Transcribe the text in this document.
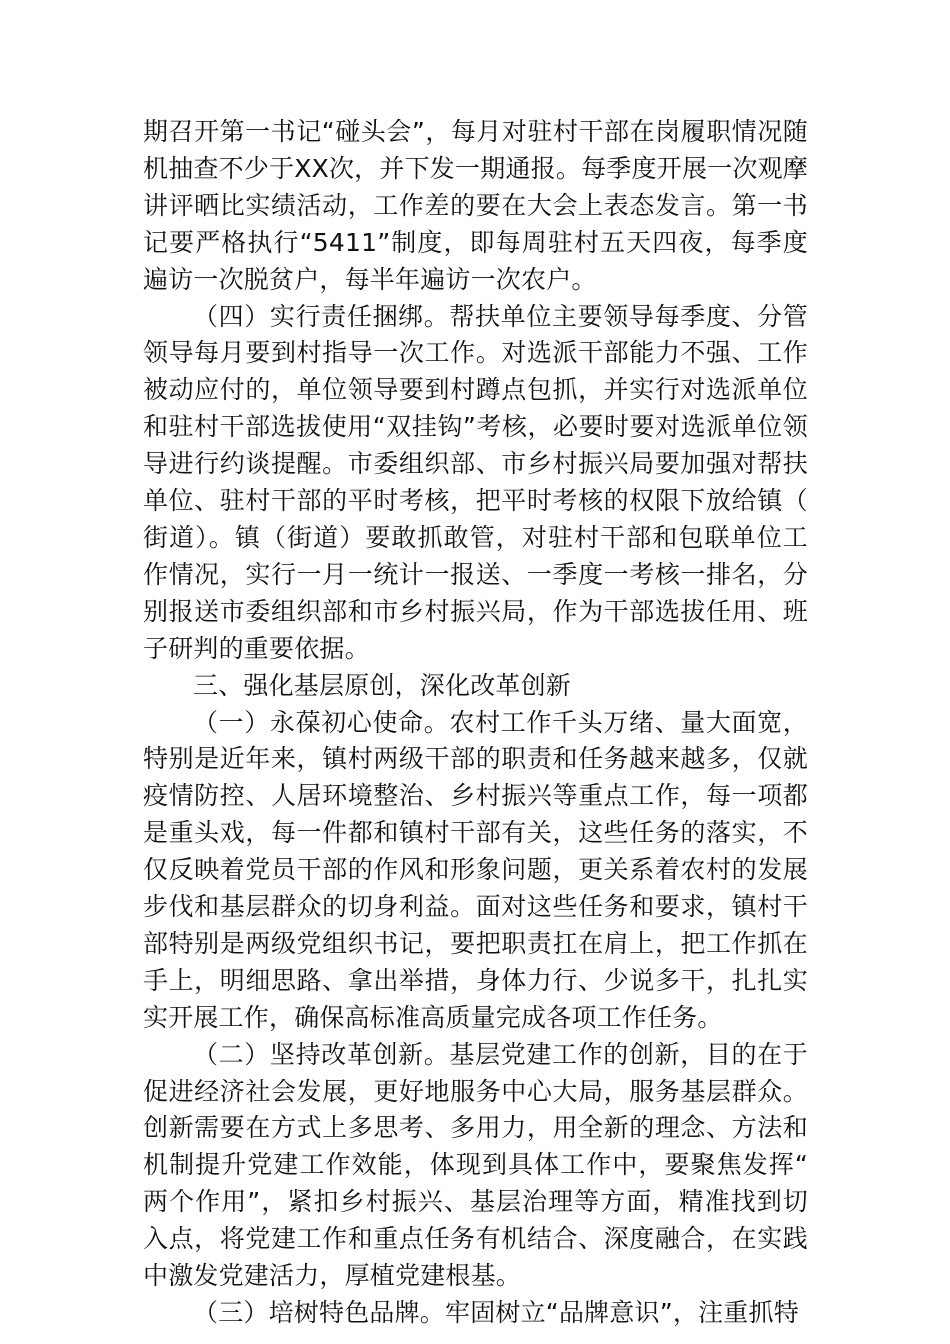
期召开第一书记“碰头会”，每月对驻村干部在岗履职情况随机抽查不少于XX次，并下发一期通报。每季度开展一次观摩讲评晒比实绩活动，工作差的要在大会上表态发言。第一书记要严格执行“5411”制度，即每周驻村五天四夜，每季度遍访一次脱贫户，每半年遍访一次农户。

（四）实行责任捆绑。帮扶单位主要领导每季度、分管领导每月要到村指导一次工作。对选派干部能力不强、工作被动应付的，单位领导要到村蹲点包抓，并实行对选派单位和驻村干部选拔使用“双挂钩”考核，必要时要对选派单位领导进行约谈提醒。市委组织部、市乡村振兴局要加强对帮扶单位、驻村干部的平时考核，把平时考核的权限下放给镇（街道）。镇（街道）要敢抓敢管，对驻村干部和包联单位工作情况，实行一月一统计一报送、一季度一考核一排名，分别报送市委组织部和市乡村振兴局，作为干部选拔任用、班子研判的重要依据。

三、强化基层原创，深化改革创新

（一）永葆初心使命。农村工作千头万绪、量大面宽，特别是近年来，镇村两级干部的职责和任务越来越多，仅就疫情防控、人居环境整治、乡村振兴等重点工作，每一项都是重头戏，每一件都和镇村干部有关，这些任务的落实，不仅反映着党员干部的作风和形象问题，更关系着农村的发展步伐和基层群众的切身利益。面对这些任务和要求，镇村干部特别是两级党组织书记，要把职责扛在肩上，把工作抓在手上，明细思路、拿出举措，身体力行、少说多干，扎扎实实开展工作，确保高标准高质量完成各项工作任务。

（二）坚持改革创新。基层党建工作的创新，目的在于促进经济社会发展，更好地服务中心大局，服务基层群众。创新需要在方式上多思考、多用力，用全新的理念、方法和机制提升党建工作效能，体现到具体工作中，要聚焦发挥“两个作用”，紧扣乡村振兴、基层治理等方面，精准找到切入点，将党建工作和重点任务有机结合、深度融合，在实践中激发党建活力，厚植党建根基。

（三）培树特色品牌。牢固树立“品牌意识”，注重抓特
